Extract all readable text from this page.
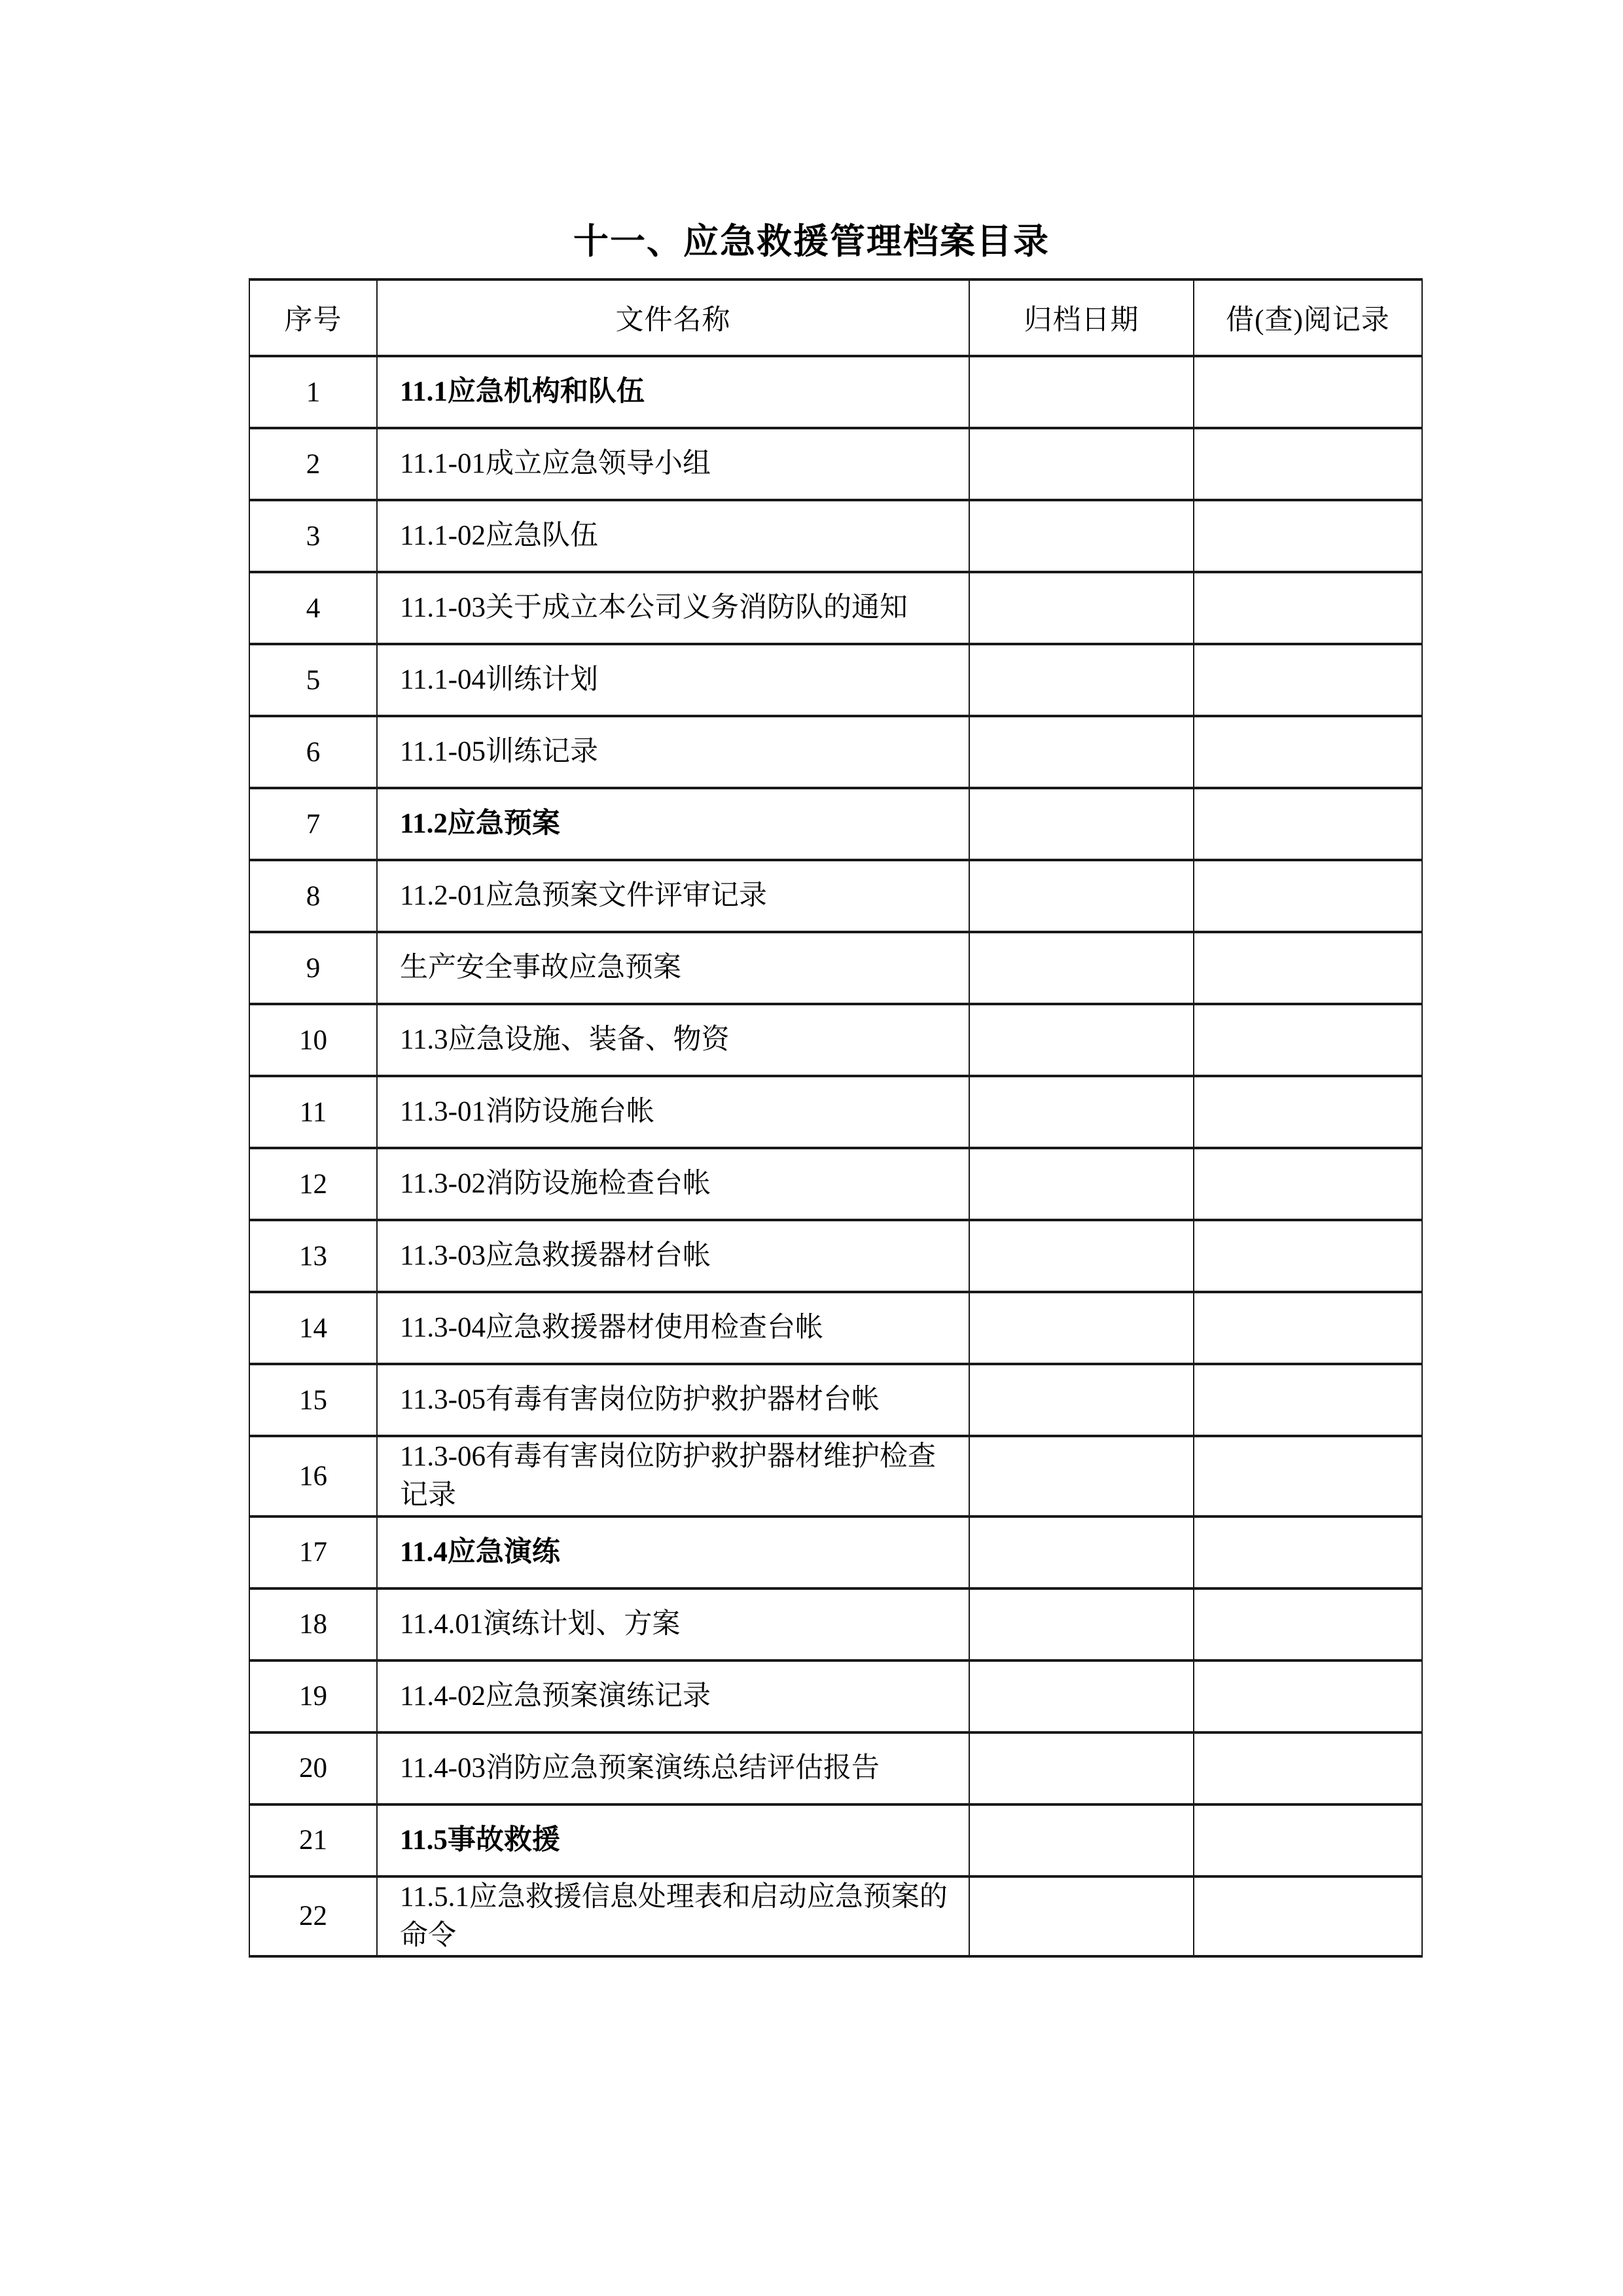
十一、应急救援管理档案目录
序号	文件名称	归档日期	借(查)阅记录
1	11.1应急机构和队伍		
2	11.1-01成立应急领导小组		
3	11.1-02应急队伍		
4	11.1-03关于成立本公司义务消防队的通知		
5	11.1-04训练计划		
6	11.1-05训练记录		
7	11.2应急预案		
8	11.2-01应急预案文件评审记录		
9	生产安全事故应急预案		
10	11.3应急设施、装备、物资		
11	11.3-01消防设施台帐		
12	11.3-02消防设施检查台帐		
13	11.3-03应急救援器材台帐		
14	11.3-04应急救援器材使用检查台帐		
15	11.3-05有毒有害岗位防护救护器材台帐		
16	11.3-06有毒有害岗位防护救护器材维护检查记录		
17	11.4应急演练		
18	11.4.01演练计划、方案		
19	11.4-02应急预案演练记录		
20	11.4-03消防应急预案演练总结评估报告		
21	11.5事故救援		
22	11.5.1应急救援信息处理表和启动应急预案的命令		
